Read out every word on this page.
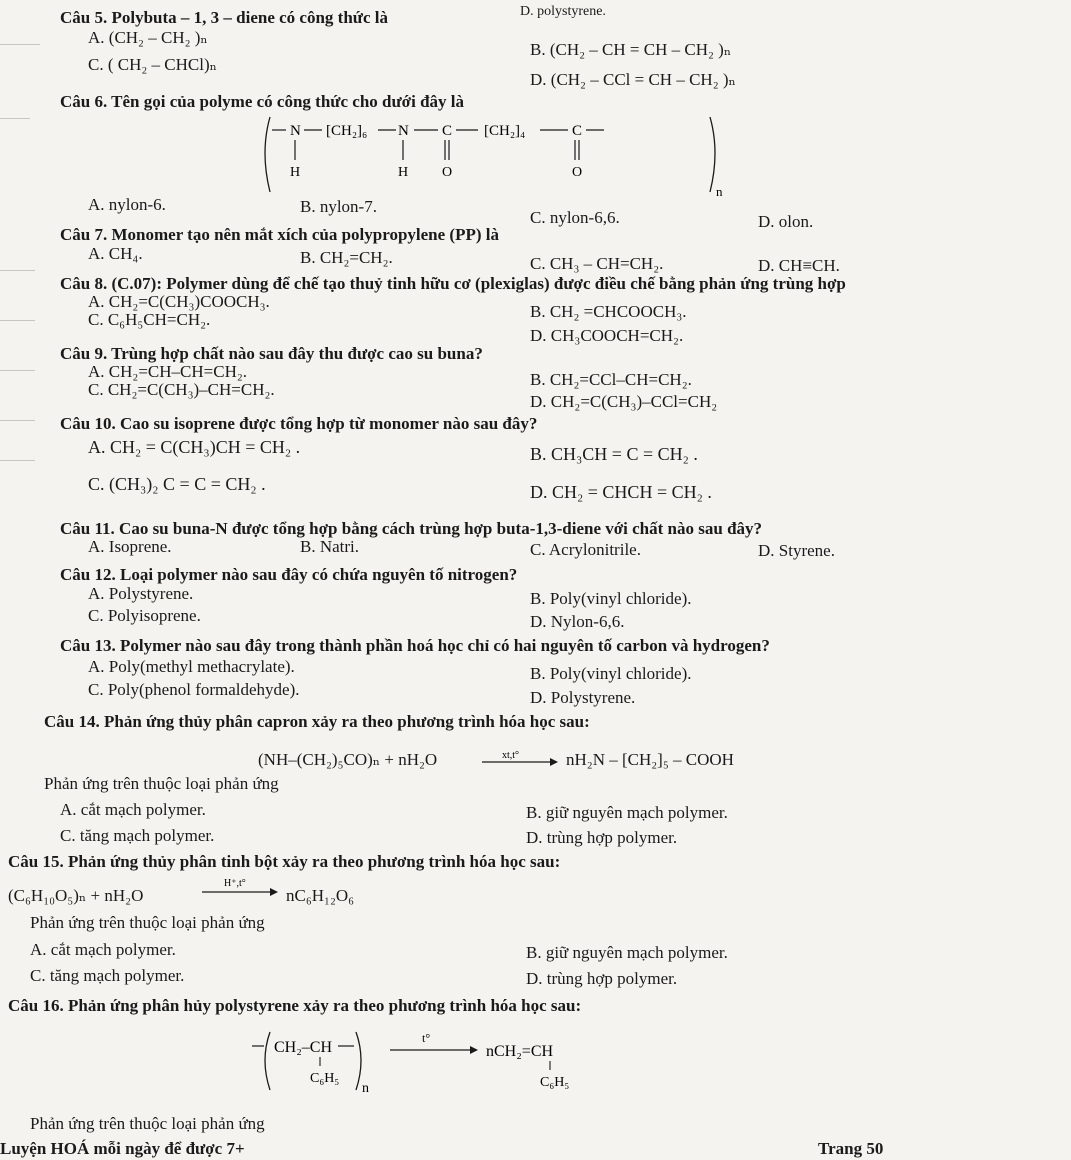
Câu 5. Polybuta – 1, 3 – diene có công thức là	D. polystyrene.
A. (CH₂ – CH₂ )ₙ
B. (CH₂ – CH = CH – CH₂ )ₙ
C. ( CH₂ – CHCl)ₙ
D. (CH₂ – CCl = CH – CH₂ )ₙ
Câu 6. Tên gọi của polyme có công thức cho dưới đây là
N [CH₂]₆ N C [CH₂]₄	C
H	H O	O
n
A. nylon-6.	B. nylon-7.
C. nylon-6,6.	D. olon.
Câu 7. Monomer tạo nên mắt xích của polypropylene (PP) là
A. CH₄.	B. CH₂=CH₂.	C. CH₃ – CH=CH₂.	D. CH≡CH.
Câu 8. (C.07): Polymer dùng để chế tạo thuỷ tinh hữu cơ (plexiglas) được điều chế bằng phản ứng trùng hợp
A. CH₂=C(CH₃)COOCH₃.
B. CH₂ =CHCOOCH₃.
C. C₆H₅CH=CH₂.
D. CH₃COOCH=CH₂.
Câu 9. Trùng hợp chất nào sau đây thu được cao su buna?
A. CH₂=CH–CH=CH₂.	B. CH₂=CCl–CH=CH₂.
C. CH₂=C(CH₃)–CH=CH₂.
D. CH₂=C(CH₃)–CCl=CH₂
Câu 10. Cao su isoprene được tổng hợp từ monomer nào sau đây?
A. CH₂ = C(CH₃)CH = CH₂ .	B. CH₃CH = C = CH₂ .
C. (CH₃)₂ C = C = CH₂ .	D. CH₂ = CHCH = CH₂ .
Câu 11. Cao su buna-N được tổng hợp bằng cách trùng hợp buta-1,3-diene với chất nào sau đây?
A. Isoprene.	B. Natri.	C. Acrylonitrile.	D. Styrene.
Câu 12. Loại polymer nào sau đây có chứa nguyên tố nitrogen?
A. Polystyrene.	B. Poly(vinyl chloride).
C. Polyisoprene.	D. Nylon-6,6.
Câu 13. Polymer nào sau đây trong thành phần hoá học chỉ có hai nguyên tố carbon và hydrogen?
A. Poly(methyl methacrylate).	B. Poly(vinyl chloride).
C. Poly(phenol formaldehyde).	D. Polystyrene.
Câu 14. Phản ứng thủy phân capron xảy ra theo phương trình hóa học sau:
(NH–(CH₂)₅CO)ₙ + nH₂O	xt,t°	nH₂N – [CH₂]₅ – COOH
Phản ứng trên thuộc loại phản ứng
A. cắt mạch polymer.	B. giữ nguyên mạch polymer.
C. tăng mạch polymer.	D. trùng hợp polymer.
Câu 15. Phản ứng thủy phân tinh bột xảy ra theo phương trình hóa học sau:
(C₆H₁₀O₅)ₙ + nH₂O
H⁺,t°
nC₆H₁₂O₆
Phản ứng trên thuộc loại phản ứng
A. cắt mạch polymer.	B. giữ nguyên mạch polymer.
C. tăng mạch polymer.	D. trùng hợp polymer.
Câu 16. Phản ứng phân hủy polystyrene xảy ra theo phương trình hóa học sau:
CH₂–CH
C₆H₅
n
t°
nCH₂=CH
C₆H₅
Phản ứng trên thuộc loại phản ứng
Luyện HOÁ mỗi ngày để được 7+	Trang 50
